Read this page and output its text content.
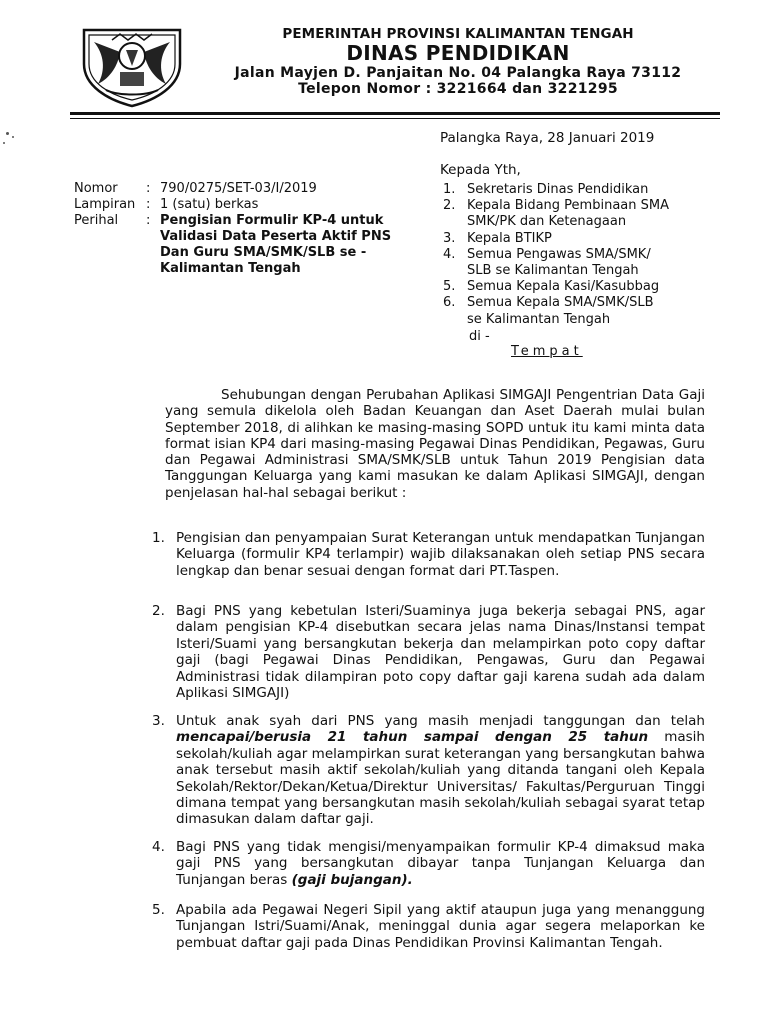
PEMERINTAH PROVINSI KALIMANTAN TENGAH
DINAS PENDIDIKAN
Jalan Mayjen D. Panjaitan No. 04 Palangka Raya 73112
Telepon Nomor : 3221664 dan 3221295
Palangka Raya, 28 Januari 2019
Kepada Yth,
Nomor	: 790/0275/SET-03/I/2019
Lampiran : 1 (satu) berkas
Perihal	: Pengisian Formulir KP-4 untuk
Validasi Data Peserta Aktif PNS
Dan Guru SMA/SMK/SLB se -
Kalimantan Tengah
1. Sekretaris Dinas Pendidikan
2. Kepala Bidang Pembinaan SMA
SMK/PK dan Ketenagaan
3. Kepala BTIKP
4. Semua Pengawas SMA/SMK/
SLB se Kalimantan Tengah
5. Semua Kepala Kasi/Kasubbag
6. Semua Kepala SMA/SMK/SLB
se Kalimantan Tengah
di -
Tempat
Sehubungan dengan Perubahan Aplikasi SIMGAJI Pengentrian Data Gaji yang semula dikelola oleh Badan Keuangan dan Aset Daerah mulai bulan September 2018, di alihkan ke masing-masing SOPD untuk itu kami minta data format isian KP4 dari masing-masing Pegawai Dinas Pendidikan, Pegawas, Guru dan Pegawai Administrasi SMA/SMK/SLB untuk Tahun 2019 Pengisian data Tanggungan Keluarga yang kami masukan ke dalam Aplikasi SIMGAJI, dengan penjelasan hal-hal sebagai berikut :
1. Pengisian dan penyampaian Surat Keterangan untuk mendapatkan Tunjangan Keluarga (formulir KP4 terlampir) wajib dilaksanakan oleh setiap PNS secara lengkap dan benar sesuai dengan format dari PT.Taspen.
2. Bagi PNS yang kebetulan Isteri/Suaminya juga bekerja sebagai PNS, agar dalam pengisian KP-4 disebutkan secara jelas nama Dinas/Instansi tempat Isteri/Suami yang bersangkutan bekerja dan melampirkan poto copy daftar gaji (bagi Pegawai Dinas Pendidikan, Pengawas, Guru dan Pegawai Administrasi tidak dilampiran poto copy daftar gaji karena sudah ada dalam Aplikasi SIMGAJI)
3. Untuk anak syah dari PNS yang masih menjadi tanggungan dan telah mencapai/berusia 21 tahun sampai dengan 25 tahun masih sekolah/kuliah agar melampirkan surat keterangan yang bersangkutan bahwa anak tersebut masih aktif sekolah/kuliah yang ditanda tangani oleh Kepala Sekolah/Rektor/Dekan/Ketua/Direktur Universitas/ Fakultas/Perguruan Tinggi dimana tempat yang bersangkutan masih sekolah/kuliah sebagai syarat tetap dimasukan dalam daftar gaji.
4. Bagi PNS yang tidak mengisi/menyampaikan formulir KP-4 dimaksud maka gaji PNS yang bersangkutan dibayar tanpa Tunjangan Keluarga dan Tunjangan beras (gaji bujangan).
5. Apabila ada Pegawai Negeri Sipil yang aktif ataupun juga yang menanggung Tunjangan Istri/Suami/Anak, meninggal dunia agar segera melaporkan ke pembuat daftar gaji pada Dinas Pendidikan Provinsi Kalimantan Tengah.
